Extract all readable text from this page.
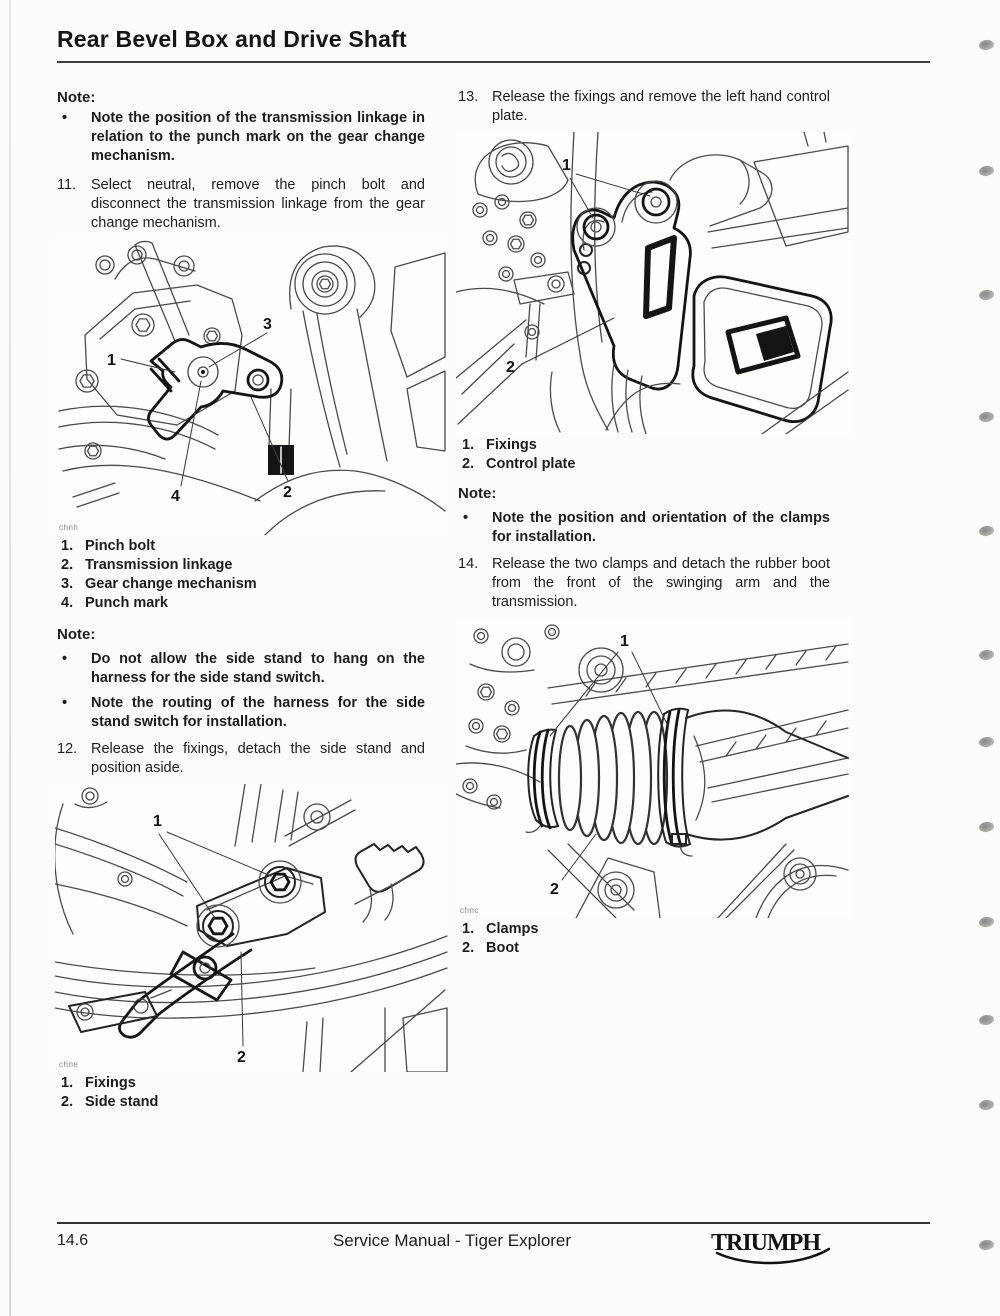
Rear Bevel Box and Drive Shaft
Note:
• Note the position of the transmission linkage in relation to the punch mark on the gear change mechanism.
11. Select neutral, remove the pinch bolt and disconnect the transmission linkage from the gear change mechanism.
1
3
2
4
chnh
1. Pinch bolt
2. Transmission linkage
3. Gear change mechanism
4. Punch mark
Note:
• Do not allow the side stand to hang on the harness for the side stand switch.
• Note the routing of the harness for the side stand switch for installation.
12. Release the fixings, detach the side stand and position aside.
1
2
chne
1. Fixings
2. Side stand
13. Release the fixings and remove the left hand control plate.
1
2
1. Fixings
2. Control plate
Note:
• Note the position and orientation of the clamps for installation.
14. Release the two clamps and detach the rubber boot from the front of the swinging arm and the transmission.
1
2
chnc
1. Clamps
2. Boot
14.6	Service Manual - Tiger Explorer	TRIUMPH
